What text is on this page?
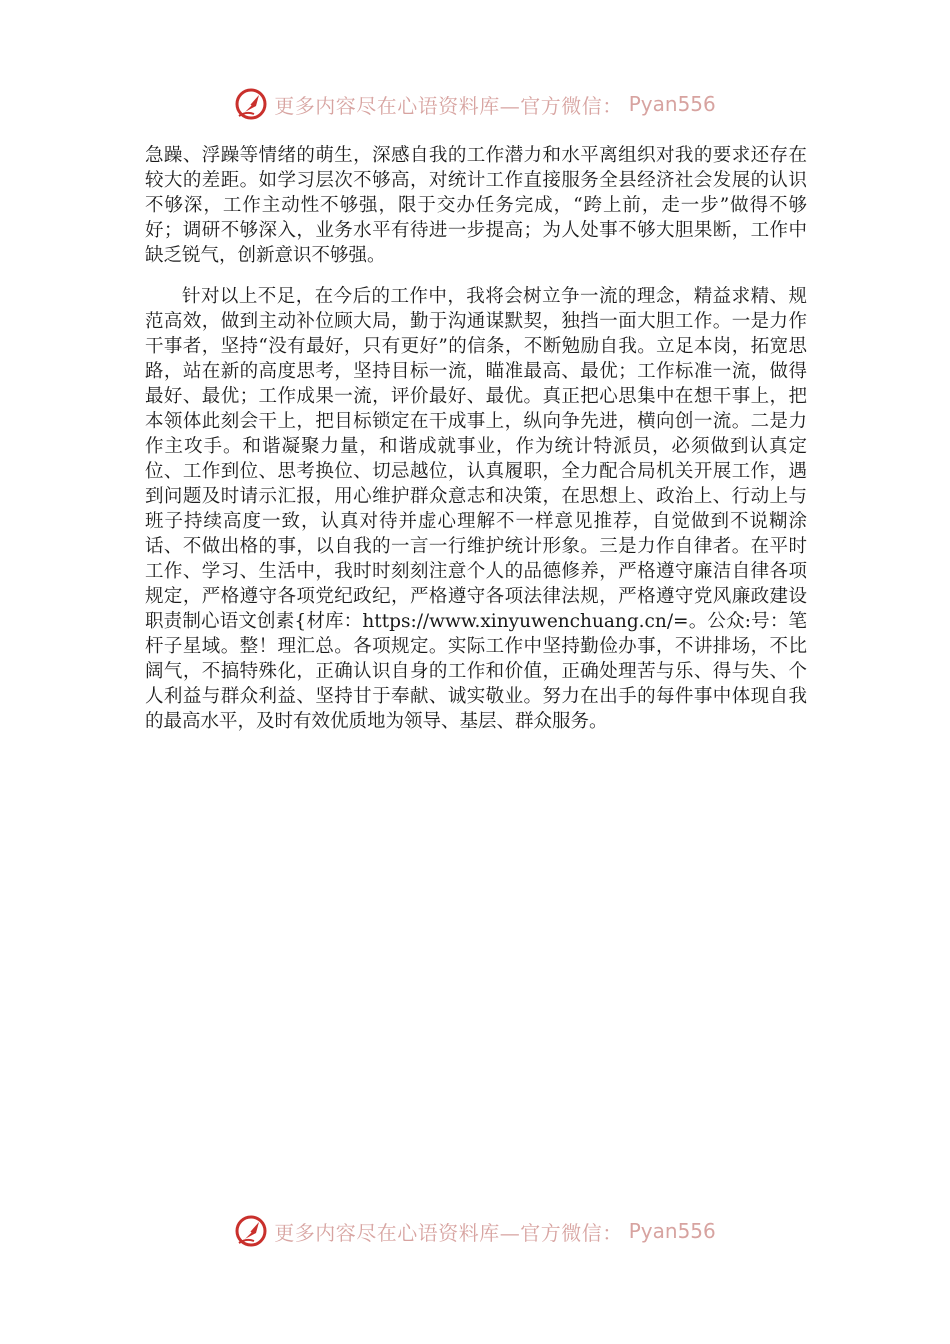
更多内容尽在心语资料库—官方微信： Pyan556

急躁、浮躁等情绪的萌生，深感自我的工作潜力和水平离组织对我的要求还存在较大的差距。如学习层次不够高，对统计工作直接服务全县经济社会发展的认识不够深，工作主动性不够强，限于交办任务完成，“跨上前，走一步”做得不够好；调研不够深入，业务水平有待进一步提高；为人处事不够大胆果断，工作中缺乏锐气，创新意识不够强。

针对以上不足，在今后的工作中，我将会树立争一流的理念，精益求精、规范高效，做到主动补位顾大局，勤于沟通谋默契，独挡一面大胆工作。一是力作干事者，坚持“没有最好，只有更好”的信条，不断勉励自我。立足本岗，拓宽思路，站在新的高度思考，坚持目标一流，瞄准最高、最优；工作标准一流，做得最好、最优；工作成果一流，评价最好、最优。真正把心思集中在想干事上，把本领体此刻会干上，把目标锁定在干成事上，纵向争先进，横向创一流。二是力作主攻手。和谐凝聚力量，和谐成就事业，作为统计特派员，必须做到认真定位、工作到位、思考换位、切忌越位，认真履职，全力配合局机关开展工作，遇到问题及时请示汇报，用心维护群众意志和决策，在思想上、政治上、行动上与班子持续高度一致，认真对待并虚心理解不一样意见推荐，自觉做到不说糊涂话、不做出格的事，以自我的一言一行维护统计形象。三是力作自律者。在平时工作、学习、生活中，我时时刻刻注意个人的品德修养，严格遵守廉洁自律各项规定，严格遵守各项党纪政纪，严格遵守各项法律法规，严格遵守党风廉政建设职责制心语文创素{材库：https://www.xinyuwenchuang.cn/=。公众:号：笔杆子星域。整！理汇总。各项规定。实际工作中坚持勤俭办事，不讲排场，不比阔气，不搞特殊化，正确认识自身的工作和价值，正确处理苦与乐、得与失、个人利益与群众利益、坚持甘于奉献、诚实敬业。努力在出手的每件事中体现自我的最高水平，及时有效优质地为领导、基层、群众服务。

更多内容尽在心语资料库—官方微信： Pyan556
